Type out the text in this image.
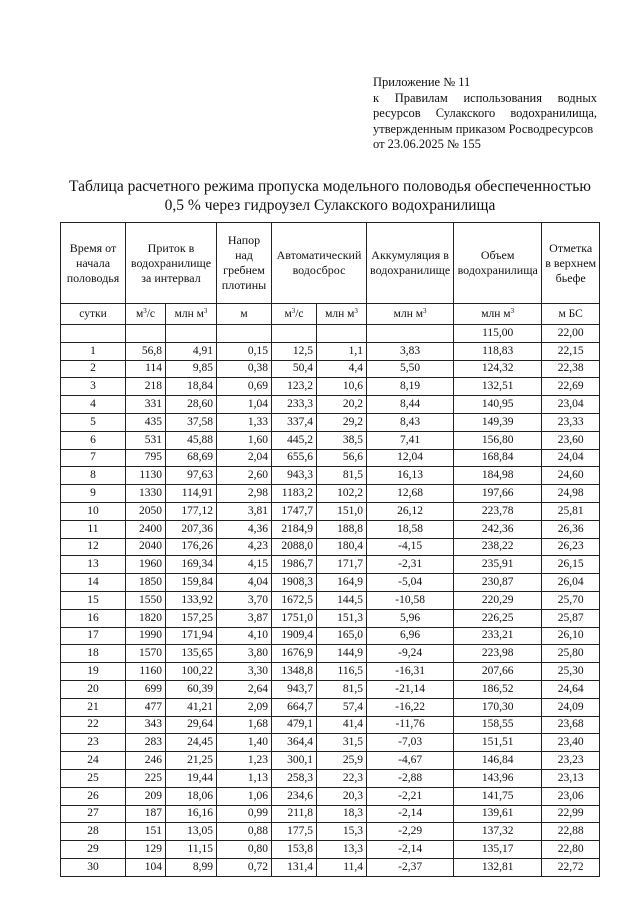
Приложение № 11
к Правилам использования водных ресурсов Сулакского водохранилища,
утвержденным приказом Росводресурсов
от 23.06.2025 № 155
Таблица расчетного режима пропуска модельного половодья обеспеченностью
0,5 % через гидроузел Сулакского водохранилища
Время от начала половодья	Приток в водохранилище за интервал		Напор над гребнем плотины	Автоматический водосброс		Аккумуляция в водохранилище	Объем водохранилища	Отметка в верхнем бьефе
сутки	$м^3/с$	млн $м^3$	м	$м^3/с$	млн $м^3$	млн $м^3$	млн $м^3$	м БС
							115,00	22,00
1	56,8	4,91	0,15	12,5	1,1	3,83	118,83	22,15
2	114	9,85	0,38	50,4	4,4	5,50	124,32	22,38
3	218	18,84	0,69	123,2	10,6	8,19	132,51	22,69
4	331	28,60	1,04	233,3	20,2	8,44	140,95	23,04
5	435	37,58	1,33	337,4	29,2	8,43	149,39	23,33
6	531	45,88	1,60	445,2	38,5	7,41	156,80	23,60
7	795	68,69	2,04	655,6	56,6	12,04	168,84	24,04
8	1130	97,63	2,60	943,3	81,5	16,13	184,98	24,60
9	1330	114,91	2,98	1183,2	102,2	12,68	197,66	24,98
10	2050	177,12	3,81	1747,7	151,0	26,12	223,78	25,81
11	2400	207,36	4,36	2184,9	188,8	18,58	242,36	26,36
12	2040	176,26	4,23	2088,0	180,4	-4,15	238,22	26,23
13	1960	169,34	4,15	1986,7	171,7	-2,31	235,91	26,15
14	1850	159,84	4,04	1908,3	164,9	-5,04	230,87	26,04
15	1550	133,92	3,70	1672,5	144,5	-10,58	220,29	25,70
16	1820	157,25	3,87	1751,0	151,3	5,96	226,25	25,87
17	1990	171,94	4,10	1909,4	165,0	6,96	233,21	26,10
18	1570	135,65	3,80	1676,9	144,9	-9,24	223,98	25,80
19	1160	100,22	3,30	1348,8	116,5	-16,31	207,66	25,30
20	699	60,39	2,64	943,7	81,5	-21,14	186,52	24,64
21	477	41,21	2,09	664,7	57,4	-16,22	170,30	24,09
22	343	29,64	1,68	479,1	41,4	-11,76	158,55	23,68
23	283	24,45	1,40	364,4	31,5	-7,03	151,51	23,40
24	246	21,25	1,23	300,1	25,9	-4,67	146,84	23,23
25	225	19,44	1,13	258,3	22,3	-2,88	143,96	23,13
26	209	18,06	1,06	234,6	20,3	-2,21	141,75	23,06
27	187	16,16	0,99	211,8	18,3	-2,14	139,61	22,99
28	151	13,05	0,88	177,5	15,3	-2,29	137,32	22,88
29	129	11,15	0,80	153,8	13,3	-2,14	135,17	22,80
30	104	8,99	0,72	131,4	11,4	-2,37	132,81	22,72
